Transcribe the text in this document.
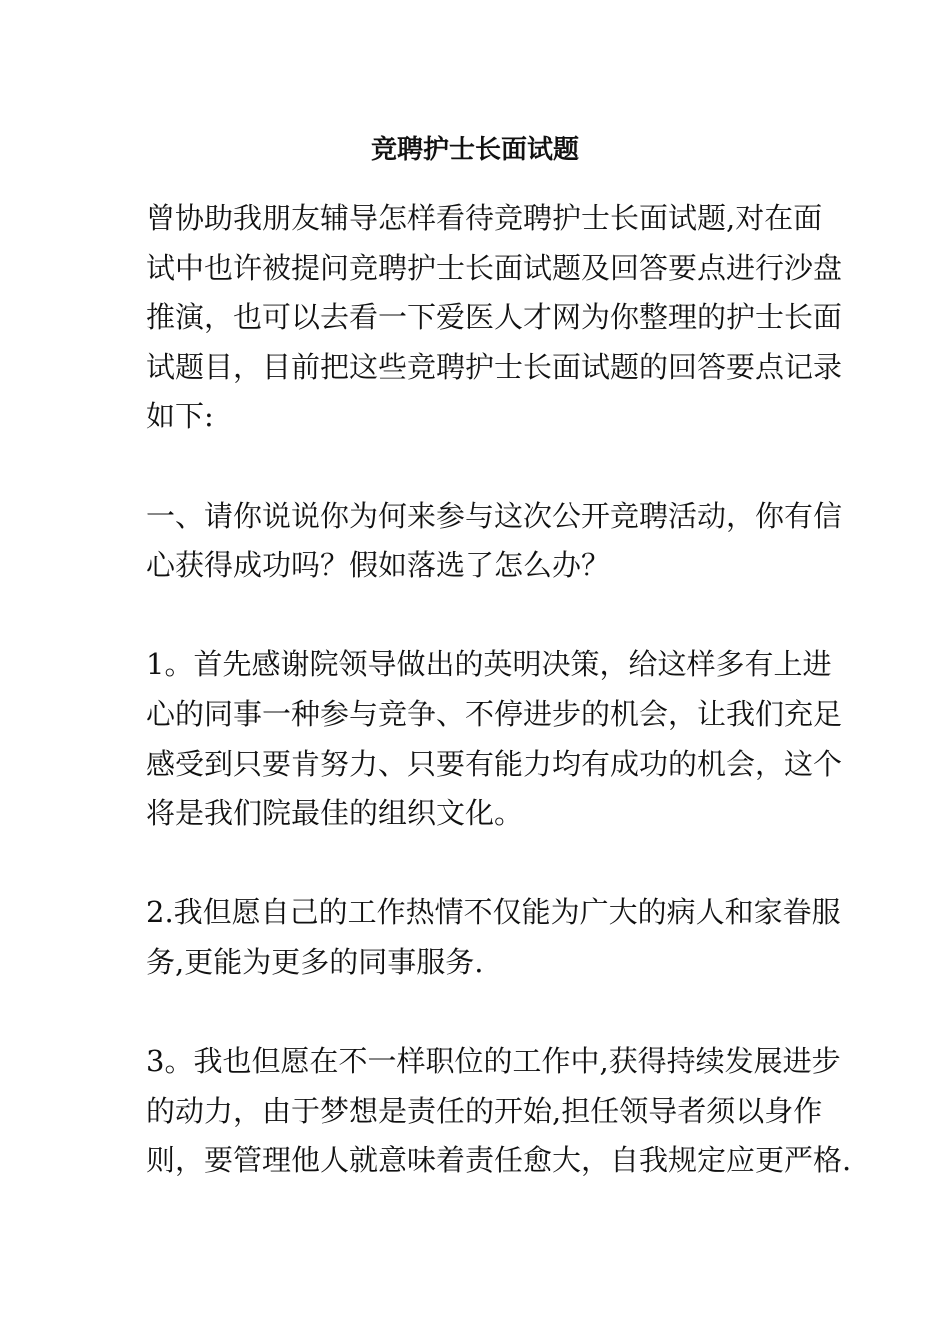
竞聘护士长面试题
曾协助我朋友辅导怎样看待竞聘护士长面试题,对在面
试中也许被提问竞聘护士长面试题及回答要点进行沙盘
推演，也可以去看一下爱医人才网为你整理的护士长面
试题目，目前把这些竞聘护士长面试题的回答要点记录
如下:
一、请你说说你为何来参与这次公开竞聘活动，你有信
心获得成功吗？假如落选了怎么办？
1。首先感谢院领导做出的英明决策，给这样多有上进
心的同事一种参与竞争、不停进步的机会，让我们充足
感受到只要肯努力、只要有能力均有成功的机会，这个
将是我们院最佳的组织文化。
2.我但愿自己的工作热情不仅能为广大的病人和家眷服
务,更能为更多的同事服务.
3。我也但愿在不一样职位的工作中,获得持续发展进步
的动力，由于梦想是责任的开始,担任领导者须以身作
则，要管理他人就意味着责任愈大，自我规定应更严格.
